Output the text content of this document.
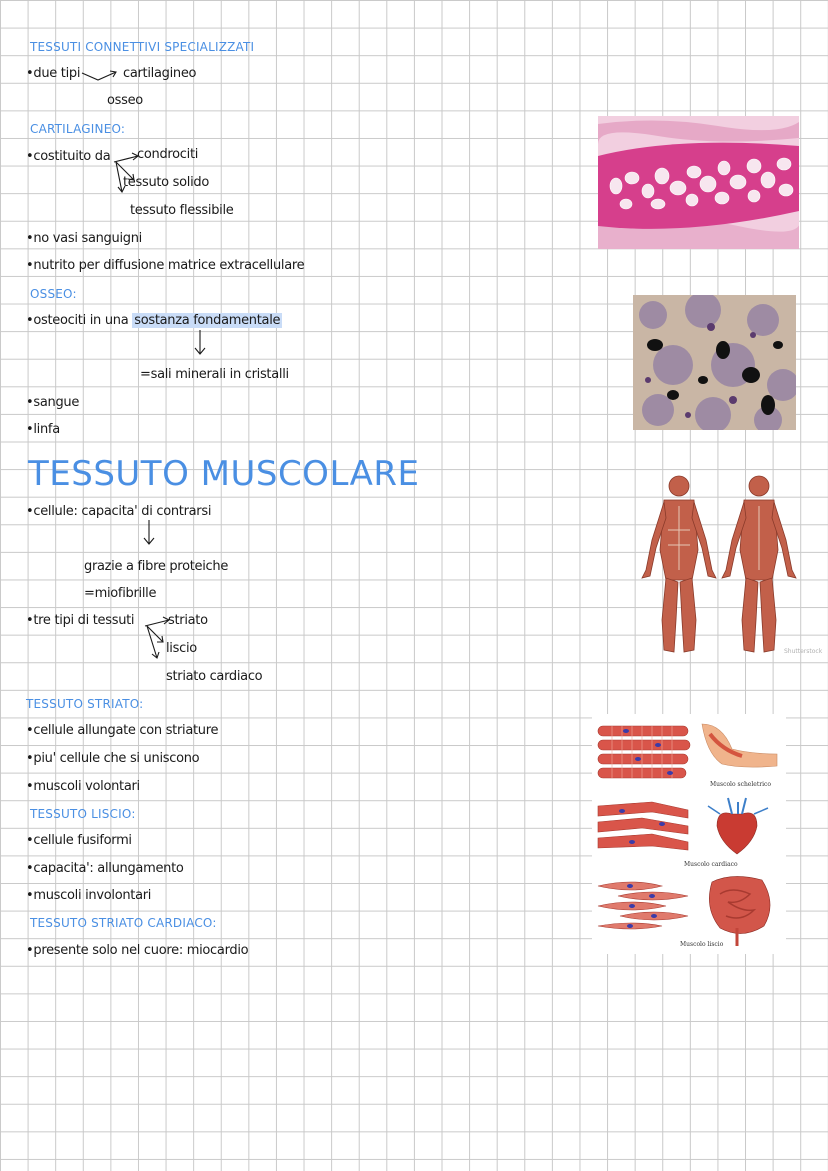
TESSUTI CONNETTIVI SPECIALIZZATI
•due tipi	cartilagineo
osseo
CARTILAGINEO:
•costituito da condrociti
tessuto solido
tessuto flessibile
•no vasi sanguigni
•nutrito per diffusione matrice extracellulare
OSSEO:
•osteociti in una sostanza fondamentale
=sali minerali in cristalli
•sangue
•linfa
TESSUTO MUSCOLARE
•cellule: capacita' di contrarsi
grazie a fibre proteiche
=miofibrille
•tre tipi di tessuti	striato
liscio
striato cardiaco
TESSUTO STRIATO:
•cellule allungate con striature
•piu' cellule che si uniscono
•muscoli volontari
TESSUTO LISCIO:
•cellule fusiformi
•capacita': allungamento
•muscoli involontari
TESSUTO STRIATO CARDIACO:
•presente solo nel cuore: miocardio
Shutterstock
Muscolo scheletrico
Muscolo cardiaco
Muscolo liscio
